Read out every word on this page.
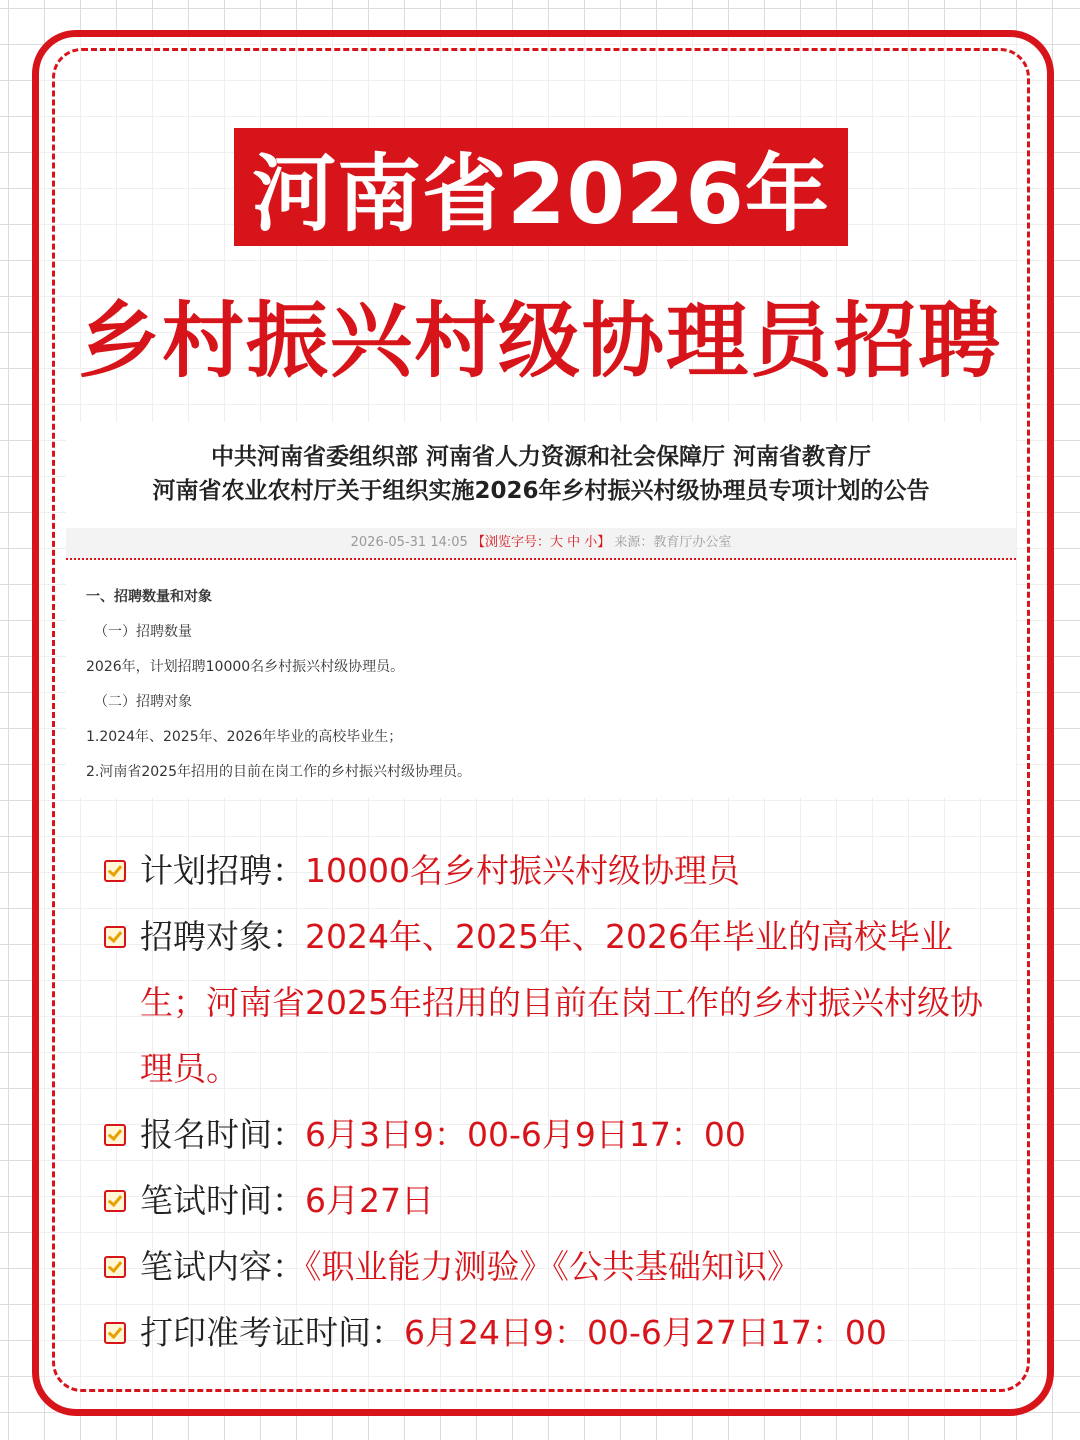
河南省2026年
乡村振兴村级协理员招聘
中共河南省委组织部 河南省人力资源和社会保障厅 河南省教育厅
河南省农业农村厅关于组织实施2026年乡村振兴村级协理员专项计划的公告
2026-05-31 14:05 【浏览字号：大 中 小】 来源：教育厅办公室
一、招聘数量和对象
（一）招聘数量
2026年，计划招聘10000名乡村振兴村级协理员。
（二）招聘对象
1.2024年、2025年、2026年毕业的高校毕业生；
2.河南省2025年招用的目前在岗工作的乡村振兴村级协理员。
计划招聘：10000名乡村振兴村级协理员
招聘对象：2024年、2025年、2026年毕业的高校毕业生；河南省2025年招用的目前在岗工作的乡村振兴村级协理员。
报名时间：6月3日9：00-6月9日17：00
笔试时间：6月27日
笔试内容：《职业能力测验》《公共基础知识》
打印准考证时间：6月24日9：00-6月27日17：00
